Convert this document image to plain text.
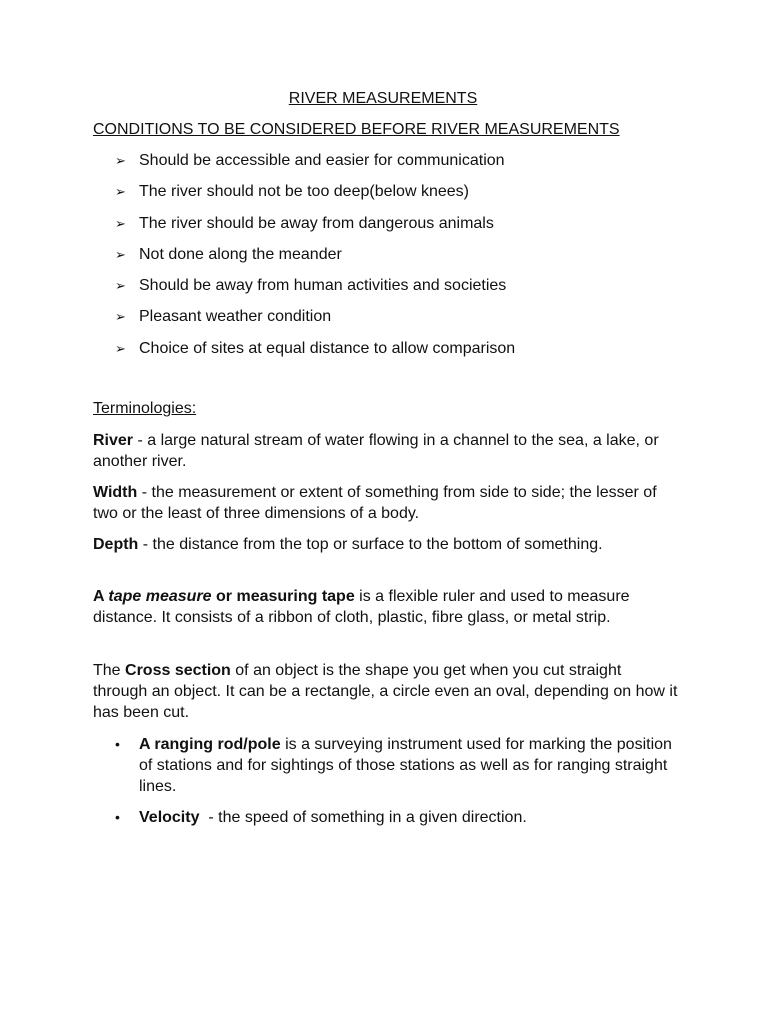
RIVER MEASUREMENTS
CONDITIONS TO BE CONSIDERED BEFORE RIVER MEASUREMENTS
➢ Should be accessible and easier for communication
➢ The river should not be too deep(below knees)
➢ The river should be away from dangerous animals
➢ Not done along the meander
➢ Should be away from human activities and societies
➢ Pleasant weather condition
➢ Choice of sites at equal distance to allow comparison
Terminologies:

River - a large natural stream of water flowing in a channel to the sea, a lake, or another river.

Width - the measurement or extent of something from side to side; the lesser of two or the least of three dimensions of a body.

Depth - the distance from the top or surface to the bottom of something.

A tape measure or measuring tape is a flexible ruler and used to measure distance. It consists of a ribbon of cloth, plastic, fibre glass, or metal strip.

The Cross section of an object is the shape you get when you cut straight through an object. It can be a rectangle, a circle even an oval, depending on how it has been cut.

•	A ranging rod/pole is a surveying instrument used for marking the position of stations and for sightings of those stations as well as for ranging straight lines.
•	Velocity  - the speed of something in a given direction.
